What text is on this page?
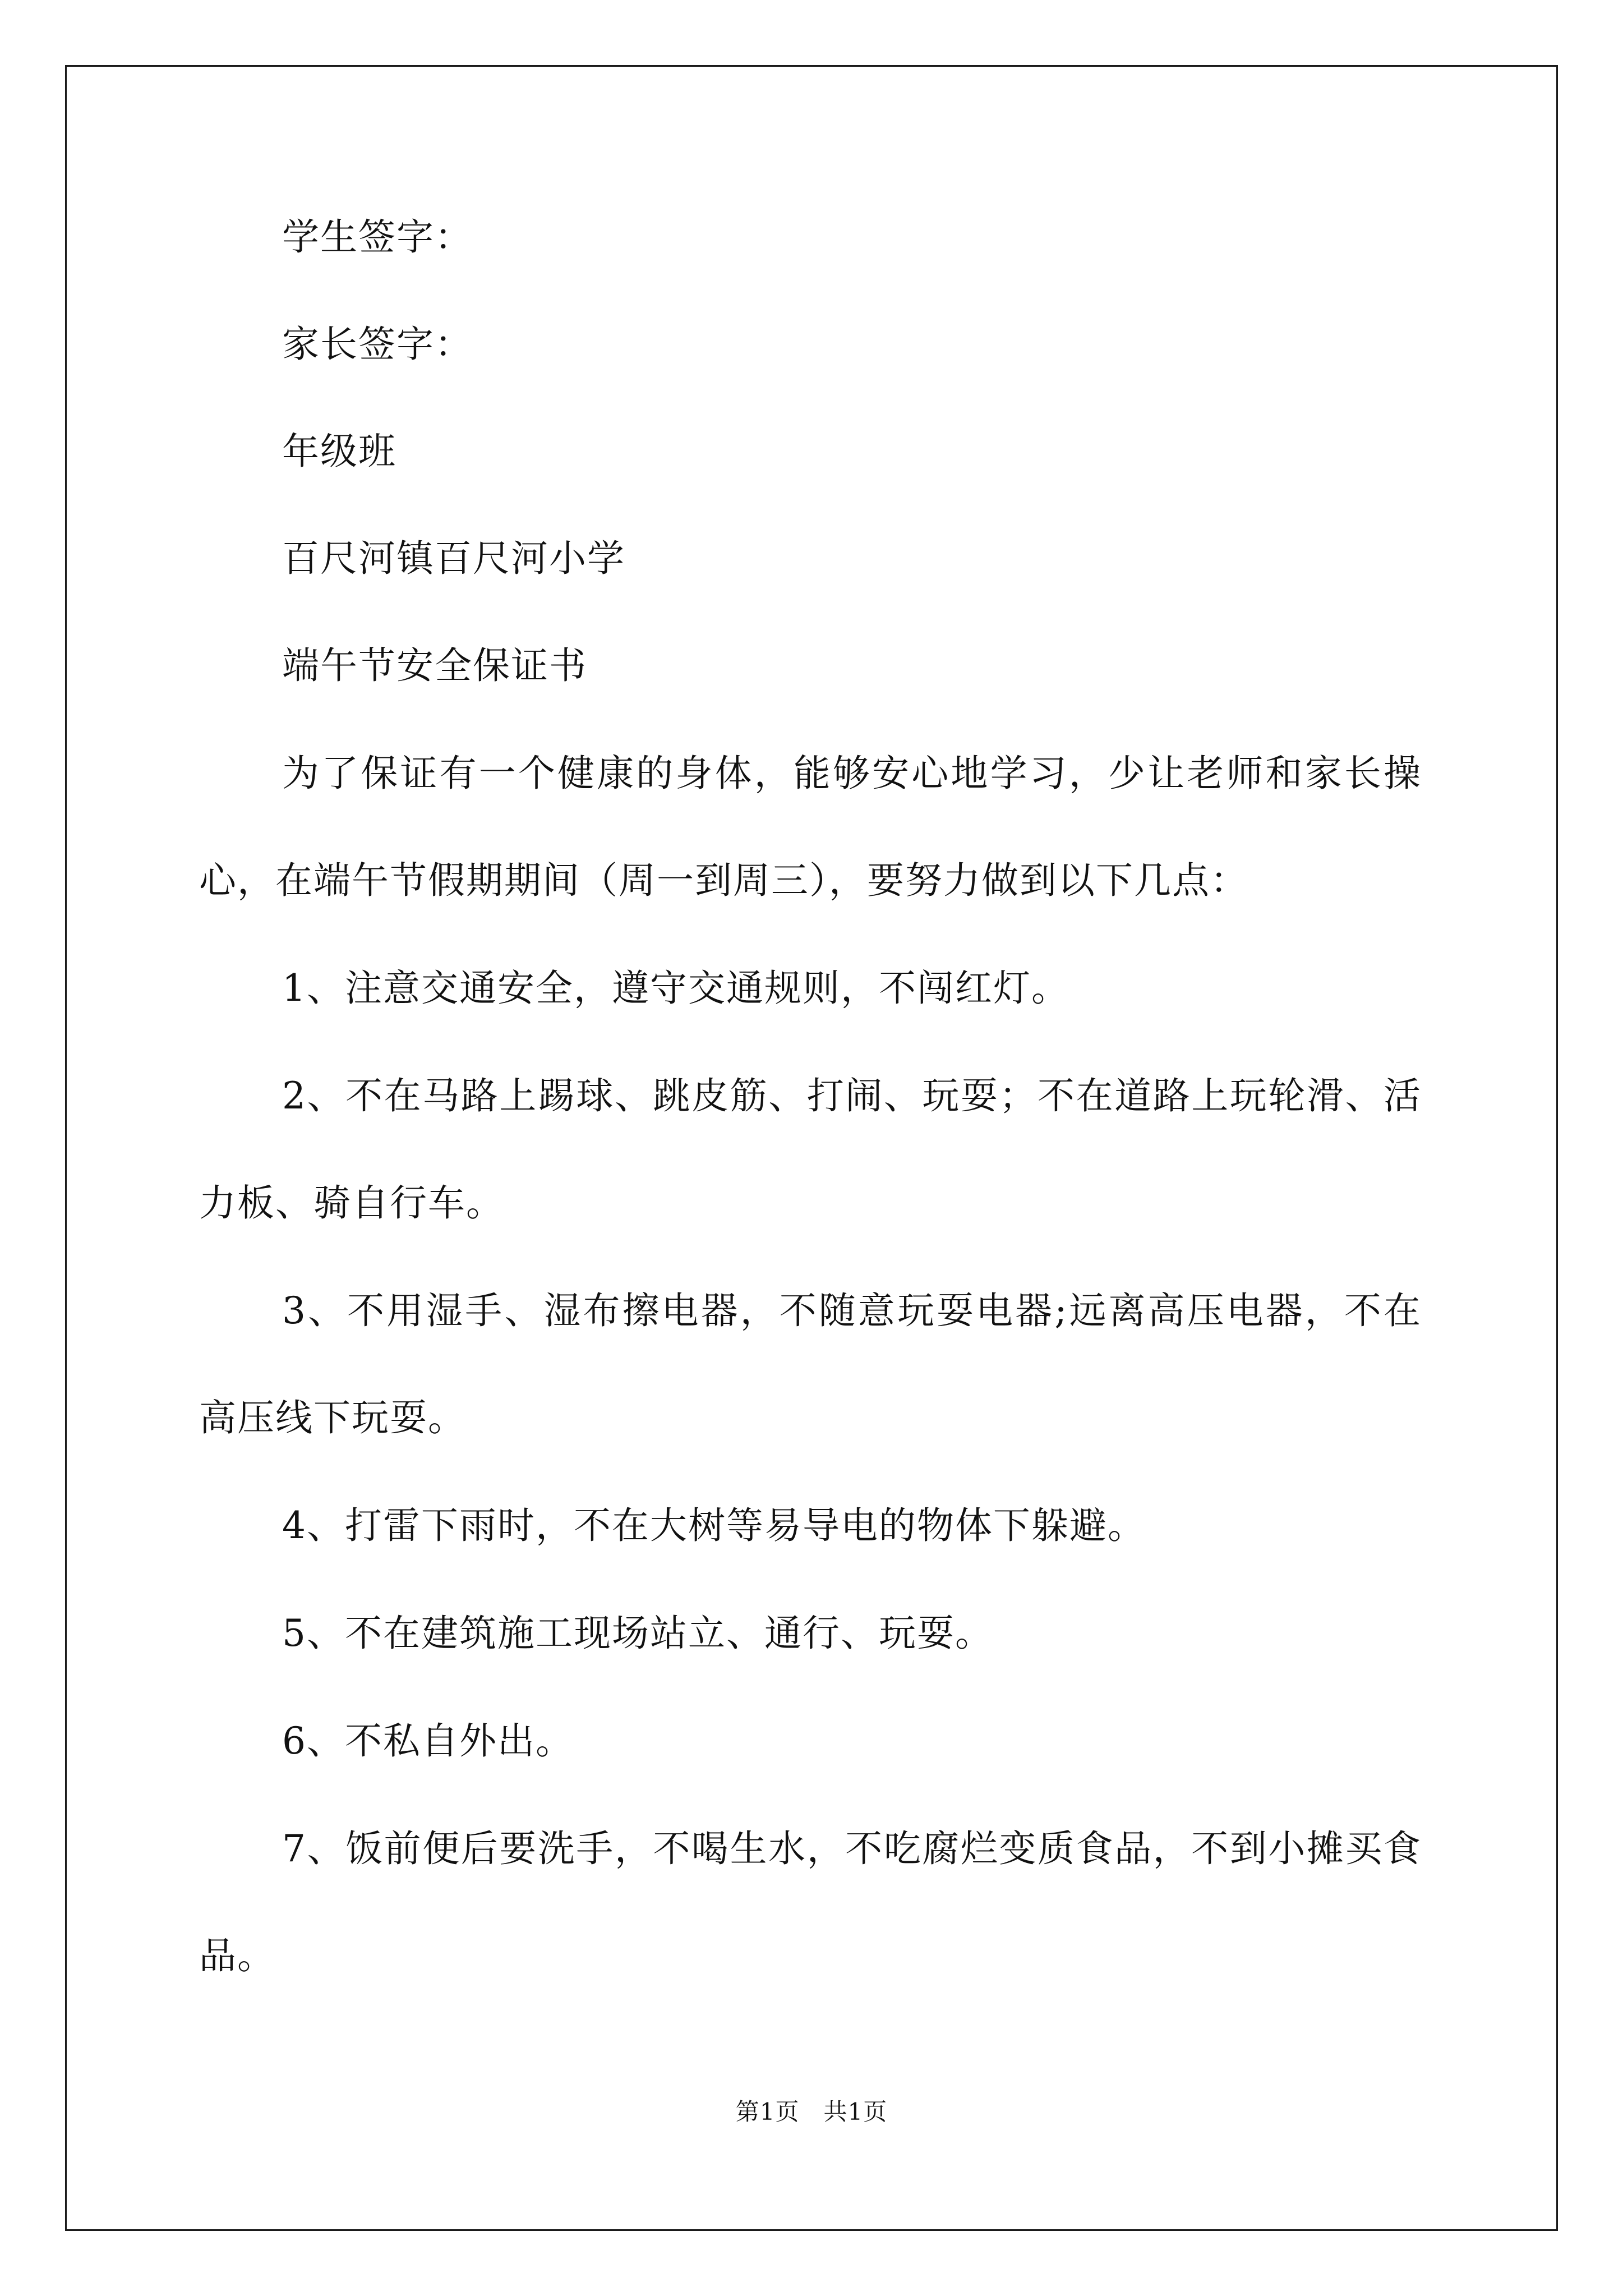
学生签字：
家长签字：
年级班
百尺河镇百尺河小学
端午节安全保证书

为了保证有一个健康的身体，能够安心地学习，少让老师和家长操心，在端午节假期期间（周一到周三），要努力做到以下几点：

1、注意交通安全，遵守交通规则，不闯红灯。

2、不在马路上踢球、跳皮筋、打闹、玩耍；不在道路上玩轮滑、活力板、骑自行车。

3、不用湿手、湿布擦电器，不随意玩耍电器;远离高压电器，不在高压线下玩耍。

4、打雷下雨时，不在大树等易导电的物体下躲避。

5、不在建筑施工现场站立、通行、玩耍。

6、不私自外出。

7、饭前便后要洗手，不喝生水，不吃腐烂变质食品，不到小摊买食品。

第1页　共1页
